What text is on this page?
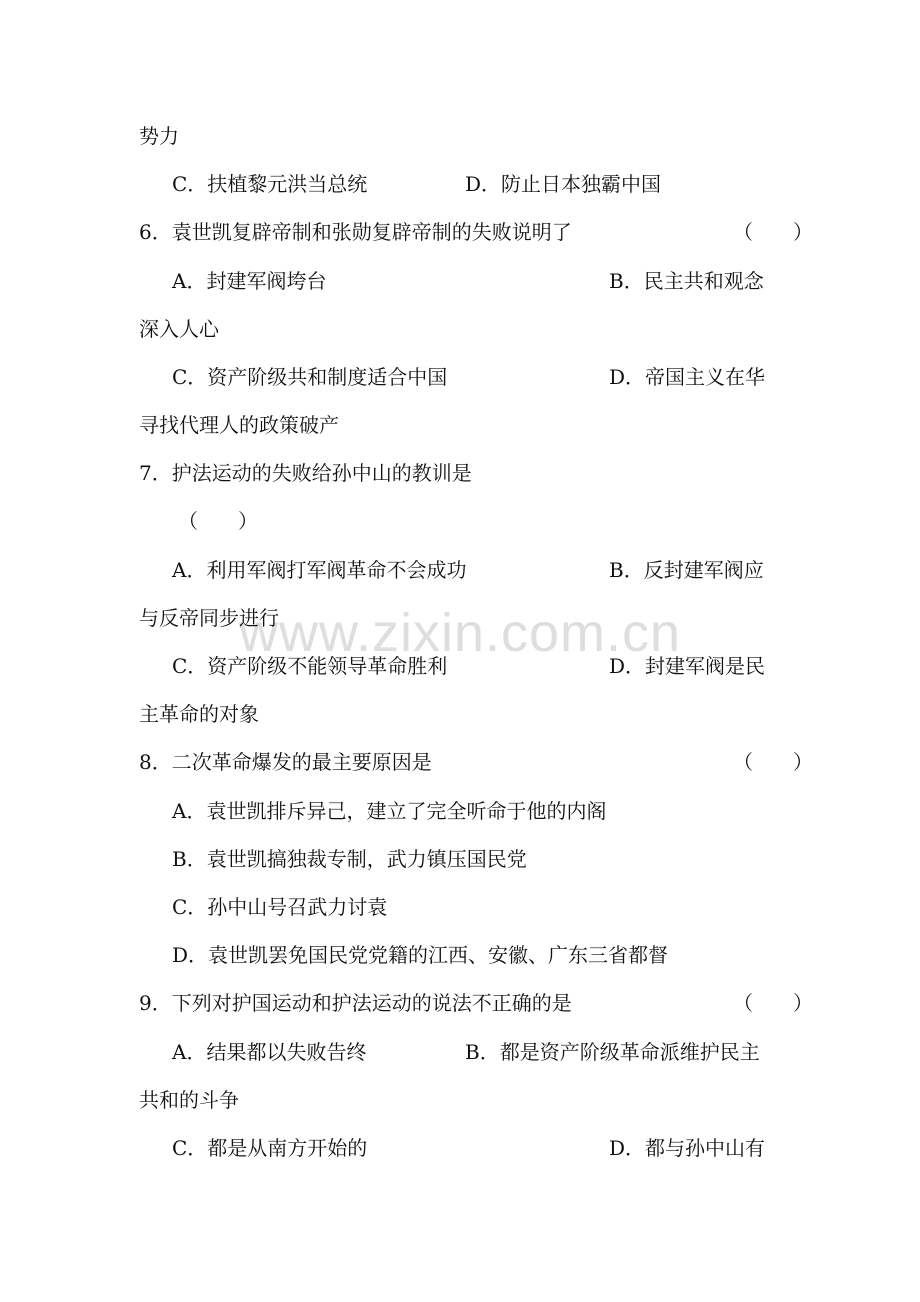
www.zixin.com.cn
势力
C．扶植黎元洪当总统	D．防止日本独霸中国
6．袁世凯复辟帝制和张勋复辟帝制的失败说明了	（　　）
A．封建军阀垮台	B．民主共和观念
深入人心
C．资产阶级共和制度适合中国	D．帝国主义在华
寻找代理人的政策破产
7．护法运动的失败给孙中山的教训是
（　　）
A．利用军阀打军阀革命不会成功	B．反封建军阀应
与反帝同步进行
C．资产阶级不能领导革命胜利	D．封建军阀是民
主革命的对象
8．二次革命爆发的最主要原因是	（　　）
A．袁世凯排斥异己，建立了完全听命于他的内阁
B．袁世凯搞独裁专制，武力镇压国民党
C．孙中山号召武力讨袁
D．袁世凯罢免国民党党籍的江西、安徽、广东三省都督
9．下列对护国运动和护法运动的说法不正确的是	（　　）
A．结果都以失败告终	B．都是资产阶级革命派维护民主
共和的斗争
C．都是从南方开始的	D．都与孙中山有
